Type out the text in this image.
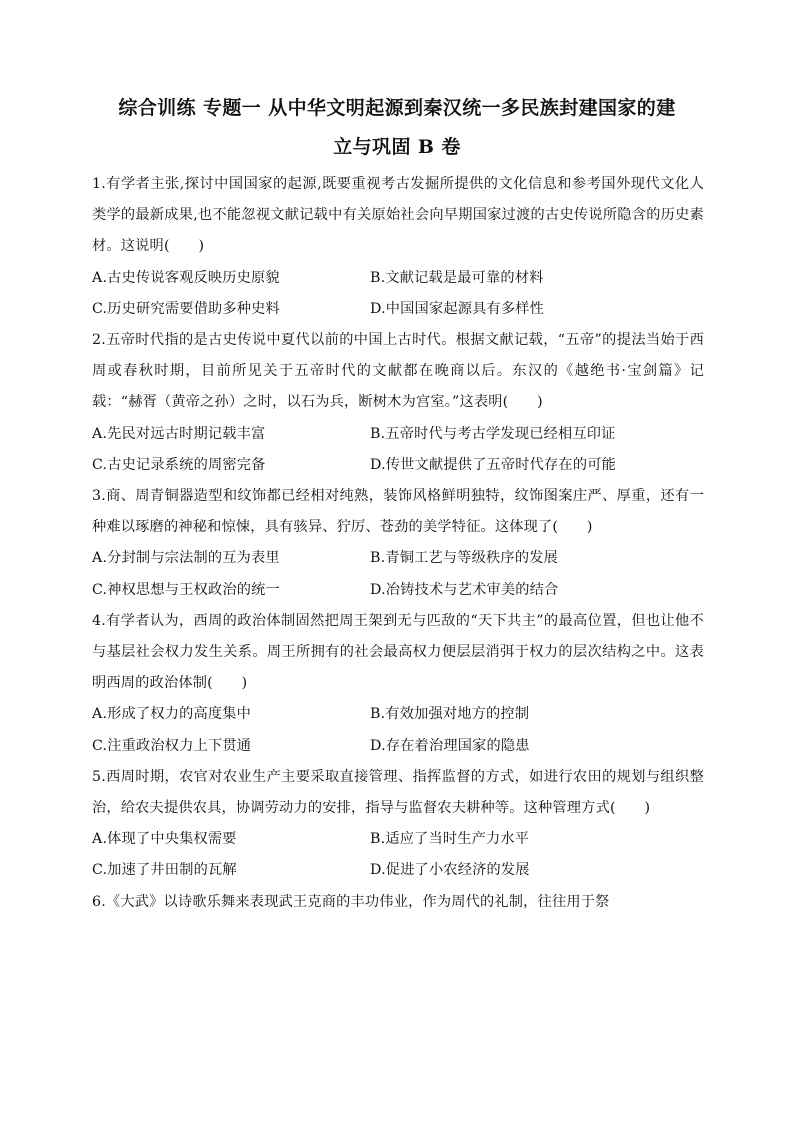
综合训练 专题一 从中华文明起源到秦汉统一多民族封建国家的建
立与巩固 B 卷

1.有学者主张,探讨中国国家的起源,既要重视考古发掘所提供的文化信息和参考国外现代文化人类学的最新成果,也不能忽视文献记载中有关原始社会向早期国家过渡的古史传说所隐含的历史素材。这说明(　　)

A.古史传说客观反映历史原貌	B.文献记载是最可靠的材料
C.历史研究需要借助多种史料	D.中国国家起源具有多样性

2.五帝时代指的是古史传说中夏代以前的中国上古时代。根据文献记载，“五帝”的提法当始于西周或春秋时期，目前所见关于五帝时代的文献都在晚商以后。东汉的《越绝书·宝剑篇》记载：“赫胥（黄帝之孙）之时，以石为兵，断树木为宫室。”这表明(　　)

A.先民对远古时期记载丰富	B.五帝时代与考古学发现已经相互印证
C.古史记录系统的周密完备	D.传世文献提供了五帝时代存在的可能

3.商、周青铜器造型和纹饰都已经相对纯熟，装饰风格鲜明独特，纹饰图案庄严、厚重，还有一种难以琢磨的神秘和惊悚，具有骇异、狞厉、苍劲的美学特征。这体现了(　　)

A.分封制与宗法制的互为表里	B.青铜工艺与等级秩序的发展
C.神权思想与王权政治的统一	D.冶铸技术与艺术审美的结合

4.有学者认为，西周的政治体制固然把周王架到无与匹敌的“天下共主”的最高位置，但也让他不与基层社会权力发生关系。周王所拥有的社会最高权力便层层消弭于权力的层次结构之中。这表明西周的政治体制(　　)

A.形成了权力的高度集中	B.有效加强对地方的控制
C.注重政治权力上下贯通	D.存在着治理国家的隐患

5.西周时期，农官对农业生产主要采取直接管理、指挥监督的方式，如进行农田的规划与组织整治，给农夫提供农具，协调劳动力的安排，指导与监督农夫耕种等。这种管理方式(　　)

A.体现了中央集权需要	B.适应了当时生产力水平
C.加速了井田制的瓦解	D.促进了小农经济的发展

6.《大武》以诗歌乐舞来表现武王克商的丰功伟业，作为周代的礼制，往往用于祭
